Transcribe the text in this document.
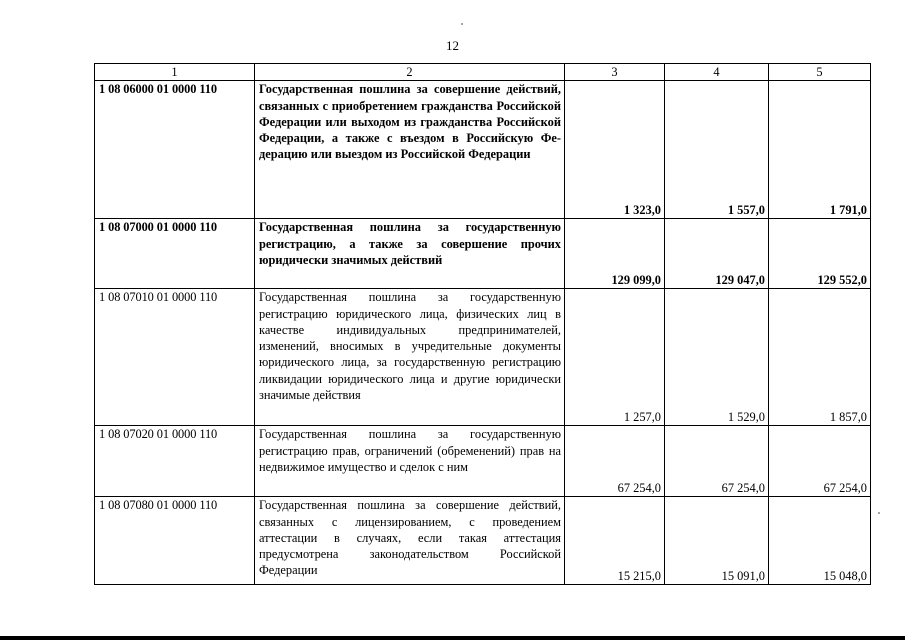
12
1	2	3	4	5
1 08 06000 01 0000 110	Государственная пошлина за совершение действий, связанных с приобретением гражданства Российской Федерации или выходом из гражданства Российской Федерации, а также с въездом в Российскую Федерацию или выездом из Российской Федерации	1 323,0	1 557,0	1 791,0
1 08 07000 01 0000 110	Государственная пошлина за государственную регистрацию, а также за совершение прочих юридически значимых действий	129 099,0	129 047,0	129 552,0
1 08 07010 01 0000 110	Государственная пошлина за государственную регистрацию юридического лица, физических лиц в качестве индивидуальных предпринимателей, изменений, вносимых в учредительные документы юридического лица, за государственную регистрацию ликвидации юридического лица и другие юридически значимые действия	1 257,0	1 529,0	1 857,0
1 08 07020 01 0000 110	Государственная пошлина за государственную регистрацию прав, ограничений (обременений) прав на недвижимое имущество и сделок с ним	67 254,0	67 254,0	67 254,0
1 08 07080 01 0000 110	Государственная пошлина за совершение действий, связанных с лицензированием, с проведением аттестации в случаях, если такая аттестация предусмотрена законодательством Российской Федерации	15 215,0	15 091,0	15 048,0
